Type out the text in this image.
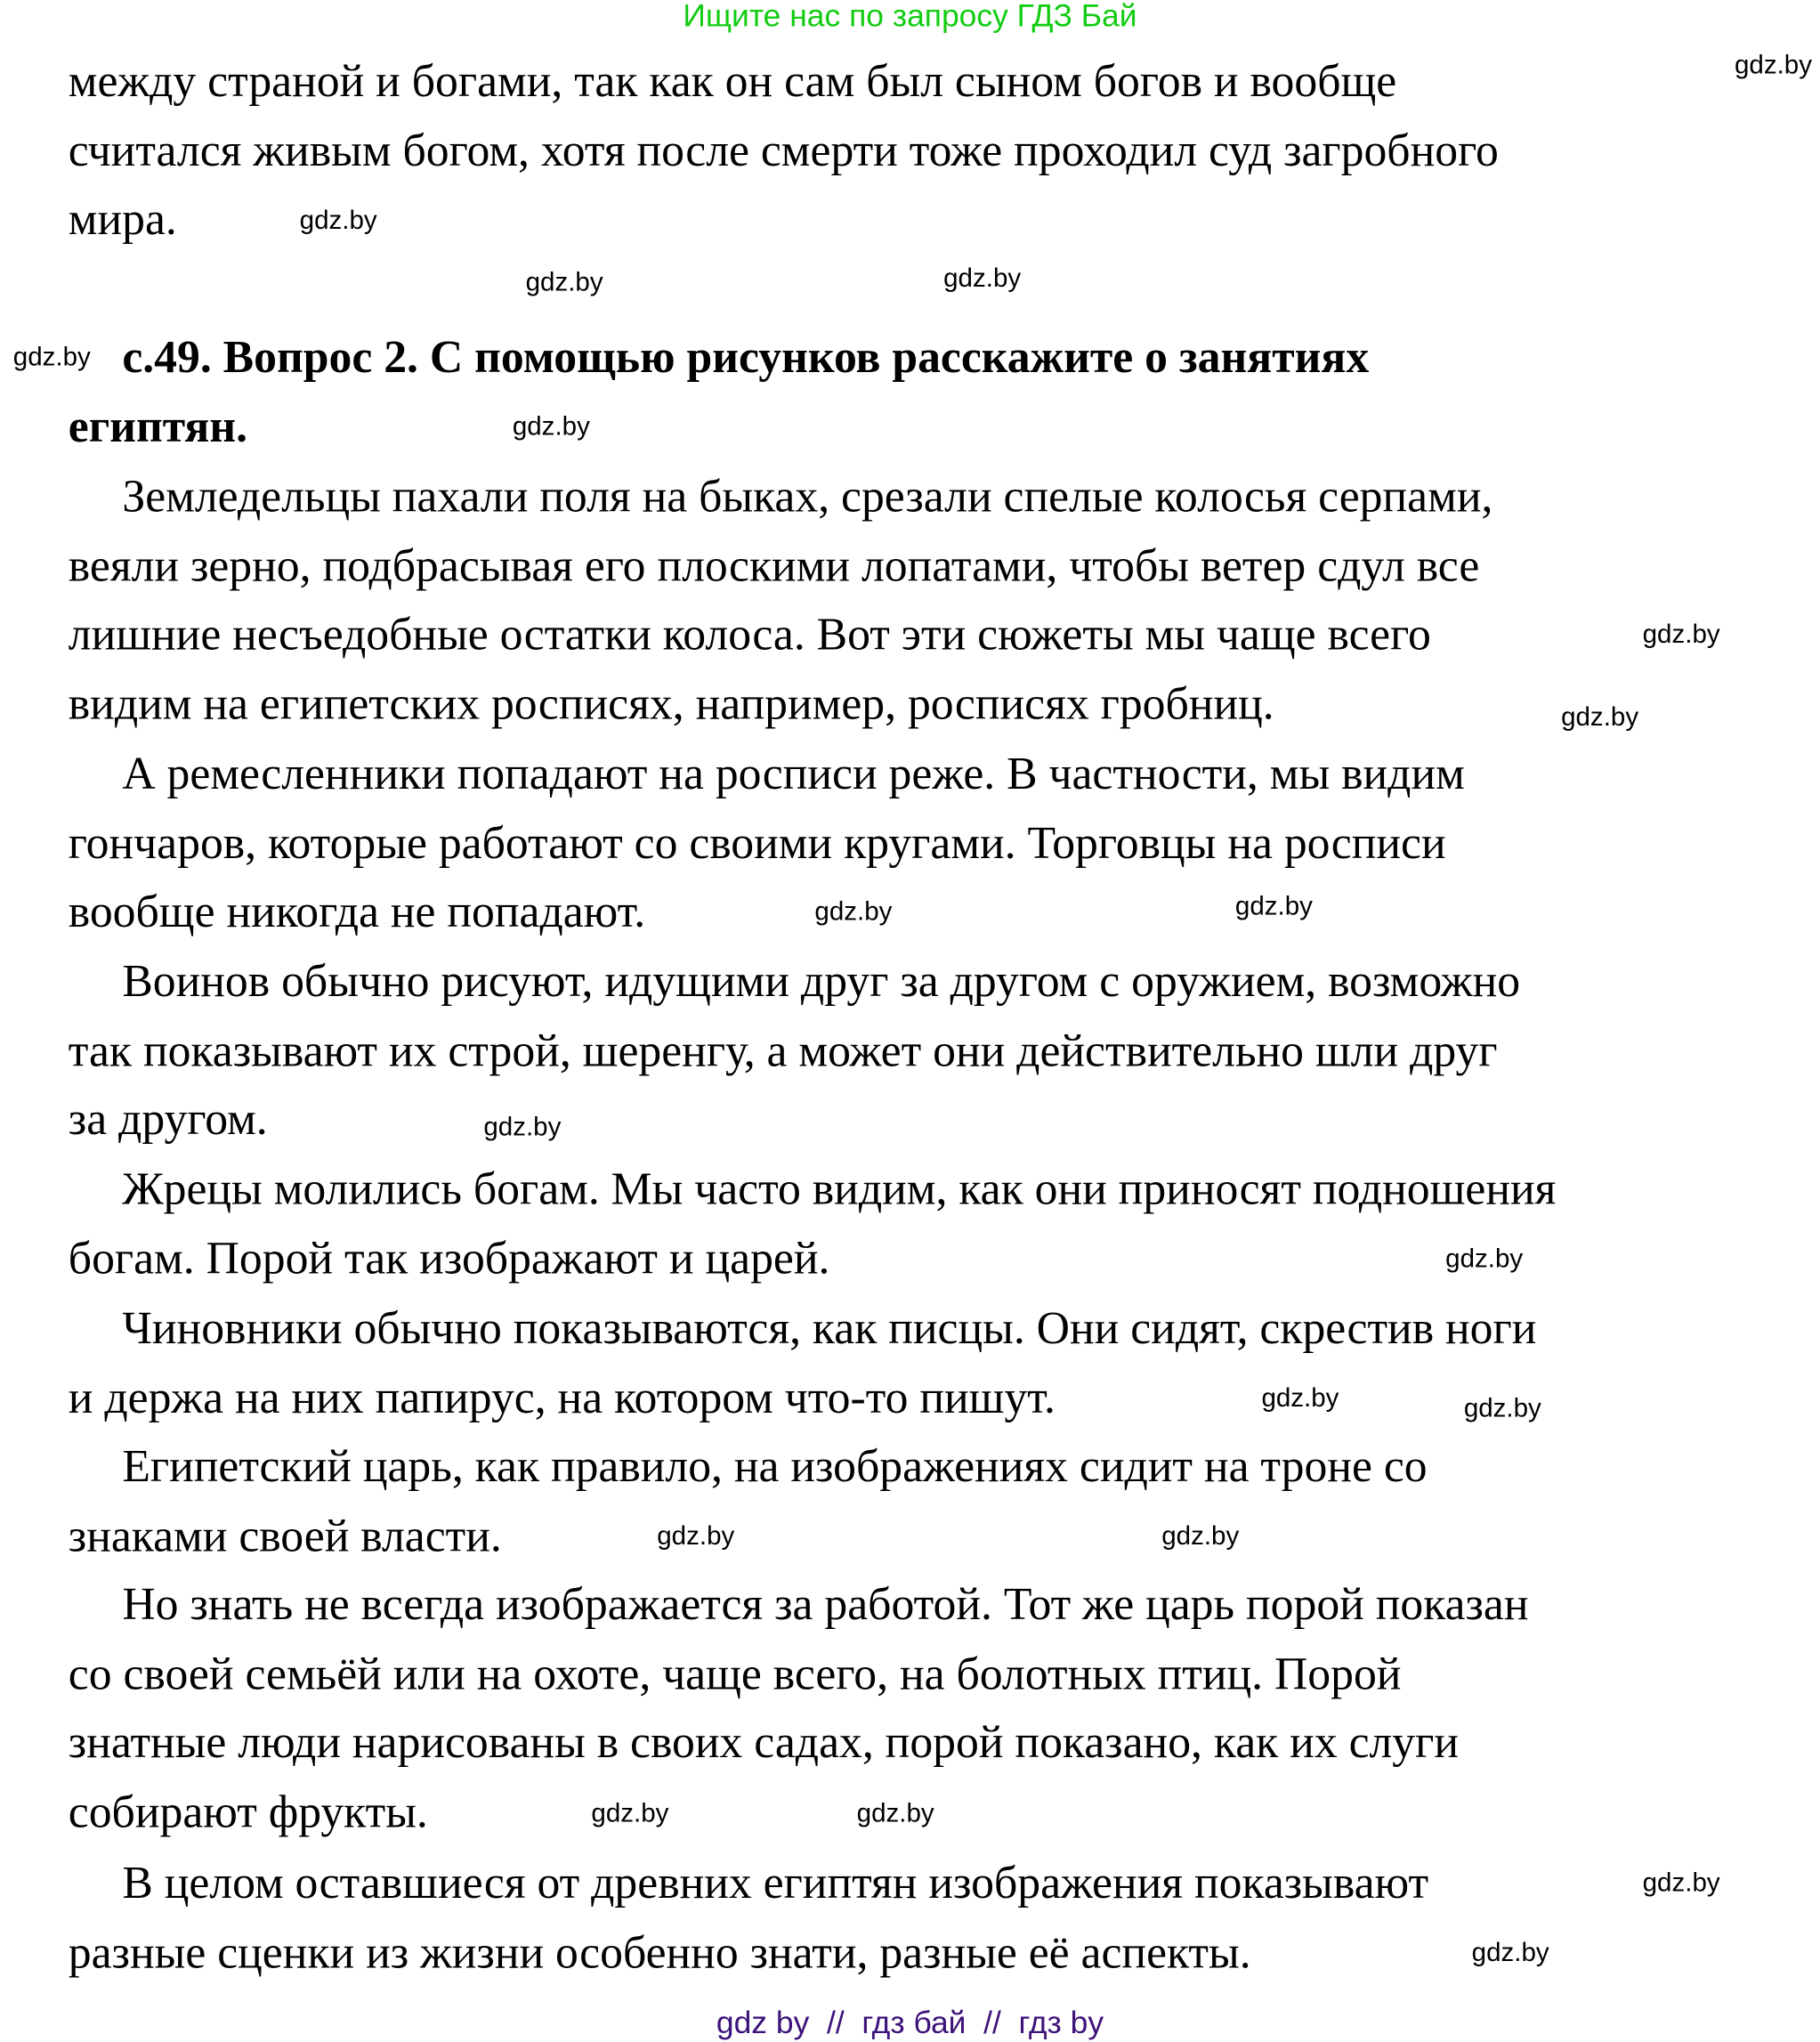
Ищите нас по запросу ГДЗ Бай
между страной и богами, так как он сам был сыном богов и вообще
считался живым богом, хотя после смерти тоже проходил суд загробного
мира.
с.49. Вопрос 2. С помощью рисунков расскажите о занятиях
египтян.
Земледельцы пахали поля на быках, срезали спелые колосья серпами,
веяли зерно, подбрасывая его плоскими лопатами, чтобы ветер сдул все
лишние несъедобные остатки колоса. Вот эти сюжеты мы чаще всего
видим на египетских росписях, например, росписях гробниц.
А ремесленники попадают на росписи реже. В частности, мы видим
гончаров, которые работают со своими кругами. Торговцы на росписи
вообще никогда не попадают.
Воинов обычно рисуют, идущими друг за другом с оружием, возможно
так показывают их строй, шеренгу, а может они действительно шли друг
за другом.
Жрецы молились богам. Мы часто видим, как они приносят подношения
богам. Порой так изображают и царей.
Чиновники обычно показываются, как писцы. Они сидят, скрестив ноги
и держа на них папирус, на котором что-то пишут.
Египетский царь, как правило, на изображениях сидит на троне со
знаками своей власти.
Но знать не всегда изображается за работой. Тот же царь порой показан
со своей семьёй или на охоте, чаще всего, на болотных птиц. Порой
знатные люди нарисованы в своих садах, порой показано, как их слуги
собирают фрукты.
В целом оставшиеся от древних египтян изображения показывают
разные сценки из жизни особенно знати, разные её аспекты.
gdz.by
gdz.by
gdz.by
gdz.by
gdz.by
gdz.by
gdz.by
gdz.by
gdz.by	gdz.by
gdz.by
gdz.by
gdz.by	gdz.by
gdz.by
gdz.by
gdz.by
gdz.by
gdz.by
gdz.by
gdz by  //  гдз бай  //  гдз by
